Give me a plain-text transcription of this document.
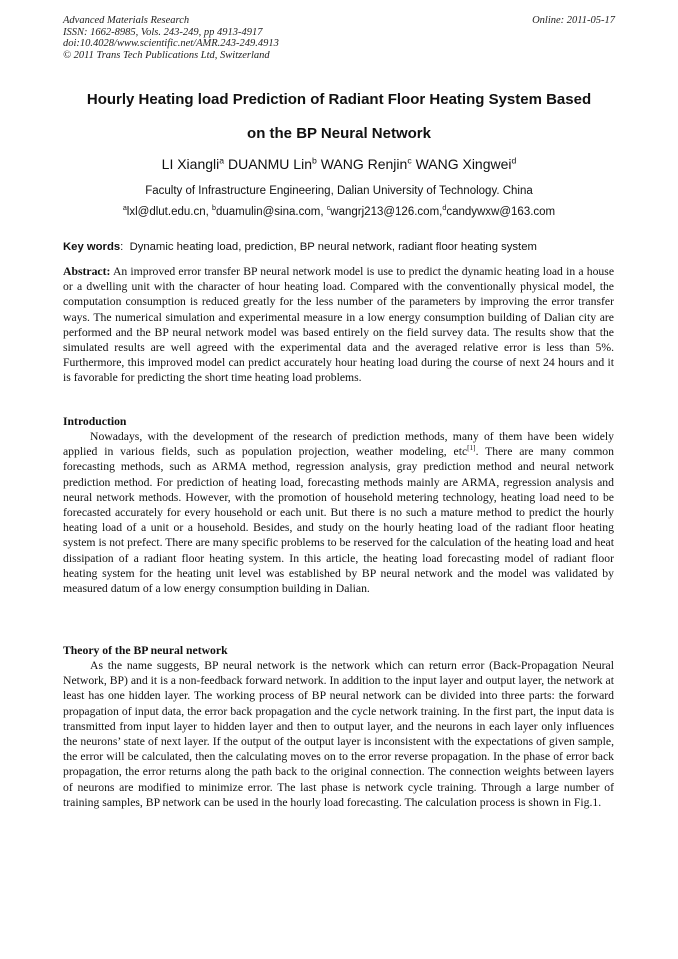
Advanced Materials Research
ISSN: 1662-8985, Vols. 243-249, pp 4913-4917
doi:10.4028/www.scientific.net/AMR.243-249.4913
© 2011 Trans Tech Publications Ltd, Switzerland
Online: 2011-05-17
Hourly Heating load Prediction of Radiant Floor Heating System Based
on the BP Neural Network
LI Xiangli$^a$ DUANMU Lin$^b$ WANG Renjin$^c$ WANG Xingwei$^d$
Faculty of Infrastructure Engineering, Dalian University of Technology. China
$^a$lxl@dlut.edu.cn, $^b$duamulin@sina.com, $^c$wangrj213@126.com,$^d$candywxw@163.com
Key words: Dynamic heating load, prediction, BP neural network, radiant floor heating system

Abstract: An improved error transfer BP neural network model is use to predict the dynamic heating load in a house or a dwelling unit with the character of hour heating load. Compared with the conventionally physical model, the computation consumption is reduced greatly for the less number of the parameters by improving the error transfer ways. The numerical simulation and experimental measure in a low energy consumption building of Dalian city are performed and the BP neural network model was based entirely on the field survey data. The results show that the simulated results are well agreed with the experimental data and the averaged relative error is less than 5%. Furthermore, this improved model can predict accurately hour heating load during the course of next 24 hours and it is favorable for predicting the short time heating load problems.

Introduction

Nowadays, with the development of the research of prediction methods, many of them have been widely applied in various fields, such as population projection, weather modeling, etc[1]. There are many common forecasting methods, such as ARMA method, regression analysis, gray prediction method and neural network prediction method. For prediction of heating load, forecasting methods mainly are ARMA, regression analysis and neural network methods. However, with the promotion of household metering technology, heating load need to be forecasted accurately for every household or each unit. But there is no such a mature method to predict the hourly heating load of a unit or a household. Besides, and study on the hourly heating load of the radiant floor heating system is not prefect. There are many specific problems to be reserved for the calculation of the heating load and heat dissipation of a radiant floor heating system. In this article, the heating load forecasting model of radiant floor heating system for the heating unit level was established by BP neural network and the model was validated by measured datum of a low energy consumption building in Dalian.

Theory of the BP neural network

As the name suggests, BP neural network is the network which can return error (Back-Propagation Neural Network, BP) and it is a non-feedback forward network. In addition to the input layer and output layer, the network at least has one hidden layer. The working process of BP neural network can be divided into three parts: the forward propagation of input data, the error back propagation and the cycle network training. In the first part, the input data is transmitted from input layer to hidden layer and then to output layer, and the neurons in each layer only influences the neurons’ state of next layer. If the output of the output layer is inconsistent with the expectations of given sample, the error will be calculated, then the calculating moves on to the error reverse propagation. In the phase of error back propagation, the error returns along the path back to the original connection. The connection weights between layers of neurons are modified to minimize error. The last phase is network cycle training. Through a large number of training samples, BP network can be used in the hourly load forecasting. The calculation process is shown in Fig.1.
